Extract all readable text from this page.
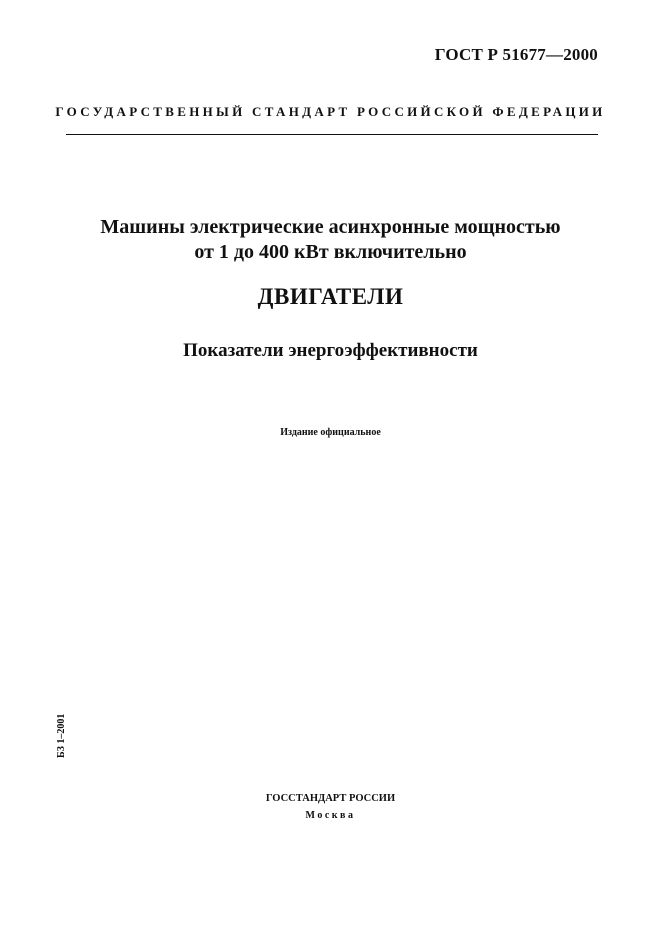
ГОСТ Р 51677—2000
ГОСУДАРСТВЕННЫЙ СТАНДАРТ РОССИЙСКОЙ ФЕДЕРАЦИИ
Машины электрические асинхронные мощностью
от 1 до 400 кВт включительно
ДВИГАТЕЛИ
Показатели энергоэффективности
Издание официальное
БЗ 1–2001
ГОССТАНДАРТ РОССИИ
Москва
